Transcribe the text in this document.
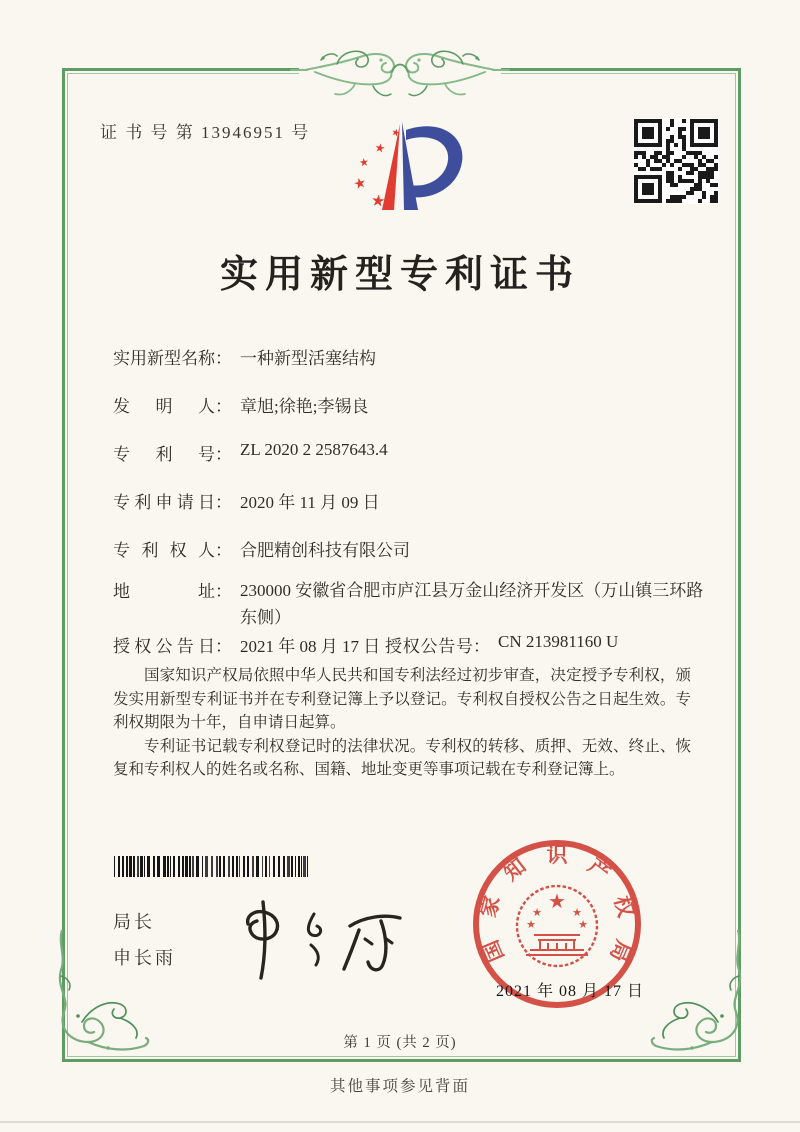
证 书 号 第 13946951 号	★
★
★
★
★
实用新型专利证书
实用新型名称 ： 一种新型活塞结构
发明人 ： 章旭;徐艳;李锡良
专利号 ： ZL 2020 2 2587643.4
专利申请日 ： 2020 年 11 月 09 日
专利权人 ： 合肥精创科技有限公司
地址 ： 230000 安徽省合肥市庐江县万金山经济开发区（万山镇三环路东侧）
授权公告日 ： 2021 年 08 月 17 日 授权公告号 ： CN 213981160 U

国家知识产权局依照中华人民共和国专利法经过初步审查，决定授予专利权，颁发实用新型专利证书并在专利登记簿上予以登记。专利权自授权公告之日起生效。专利权期限为十年，自申请日起算。

专利证书记载专利权登记时的法律状况。专利权的转移、质押、无效、终止、恢复和专利权人的姓名或名称、国籍、地址变更等事项记载在专利登记簿上。

局长
申长雨
★
★	★
★	★
国
家
知 识 产
权
局
2021 年 08 月 17 日
第 1 页 (共 2 页)
其他事项参见背面
